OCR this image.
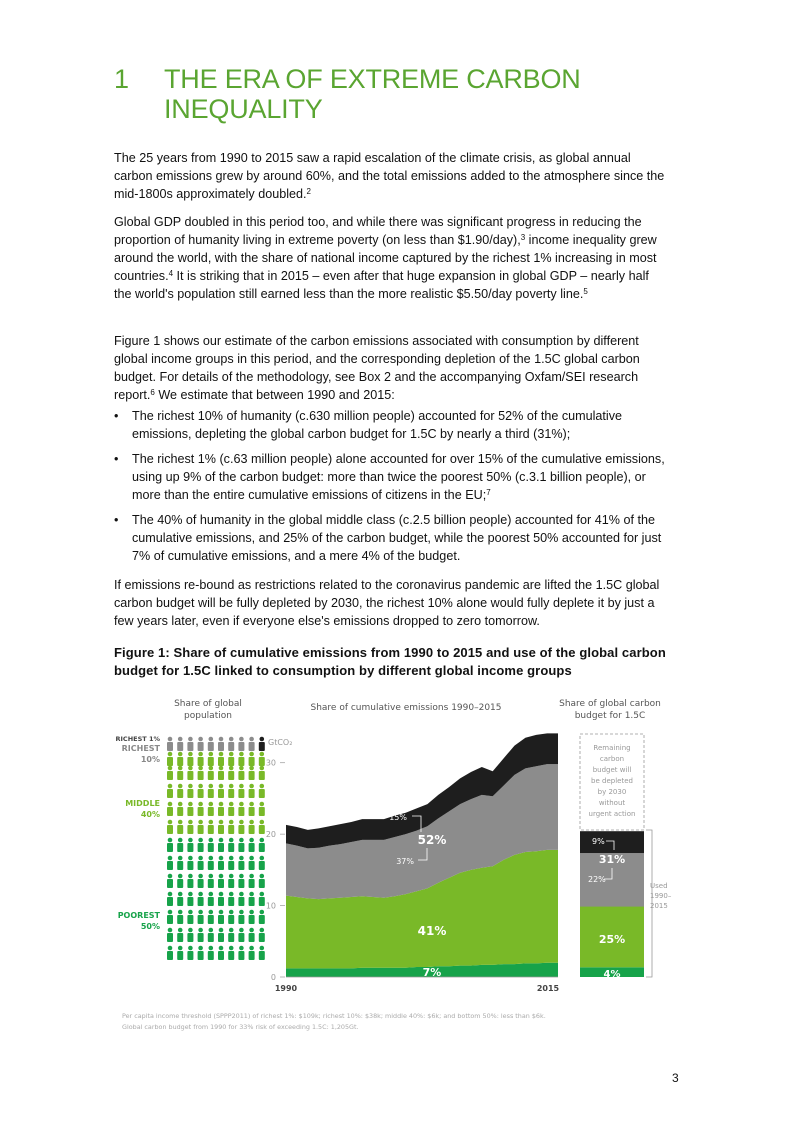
1 THE ERA OF EXTREME CARBON INEQUALITY

The 25 years from 1990 to 2015 saw a rapid escalation of the climate crisis, as global annual carbon emissions grew by around 60%, and the total emissions added to the atmosphere since the mid-1800s approximately doubled.$^2$

Global GDP doubled in this period too, and while there was significant progress in reducing the proportion of humanity living in extreme poverty (on less than $1.90/day),$^3$ income inequality grew around the world, with the share of national income captured by the richest 1% increasing in most countries.$^4$ It is striking that in 2015 – even after that huge expansion in global GDP – nearly half the world's population still earned less than the more realistic $5.50/day poverty line.$^5$

Figure 1 shows our estimate of the carbon emissions associated with consumption by different global income groups in this period, and the corresponding depletion of the 1.5C global carbon budget. For details of the methodology, see Box 2 and the accompanying Oxfam/SEI research report.$^6$ We estimate that between 1990 and 2015:

• The richest 10% of humanity (c.630 million people) accounted for 52% of the cumulative emissions, depleting the global carbon budget for 1.5C by nearly a third (31%);
• The richest 1% (c.63 million people) alone accounted for over 15% of the cumulative emissions, using up 9% of the carbon budget: more than twice the poorest 50% (c.3.1 billion people), or more than the entire cumulative emissions of citizens in the EU;$^7$
• The 40% of humanity in the global middle class (c.2.5 billion people) accounted for 41% of the cumulative emissions, and 25% of the carbon budget, while the poorest 50% accounted for just 7% of cumulative emissions, and a mere 4% of the budget.

If emissions re-bound as restrictions related to the coronavirus pandemic are lifted the 1.5C global carbon budget will be fully depleted by 2030, the richest 10% alone would fully deplete it by just a few years later, even if everyone else's emissions dropped to zero tomorrow.

Figure 1: Share of cumulative emissions from 1990 to 2015 and use of the global carbon budget for 1.5C linked to consumption by different global income groups
Share of global
population
Share of cumulative emissions 1990–2015	Share of global carbon
budget for 1.5C
RICHEST 1%
RICHEST
10%
MIDDLE
40%
POOREST
50%
GtCO₂
0
10
20
30
1990	2015
15%
52%
37%
41%
7%
Remaining
carbon
budget will
be depleted
by 2030
without
urgent action
9%
31%
22%
25%
4%
Used
1990–
2015
Per capita income threshold (SPPP2011) of richest 1%: $109k; richest 10%: $38k; middle 40%: $6k; and bottom 50%: less than $6k.
Global carbon budget from 1990 for 33% risk of exceeding 1.5C: 1,205Gt.
3
